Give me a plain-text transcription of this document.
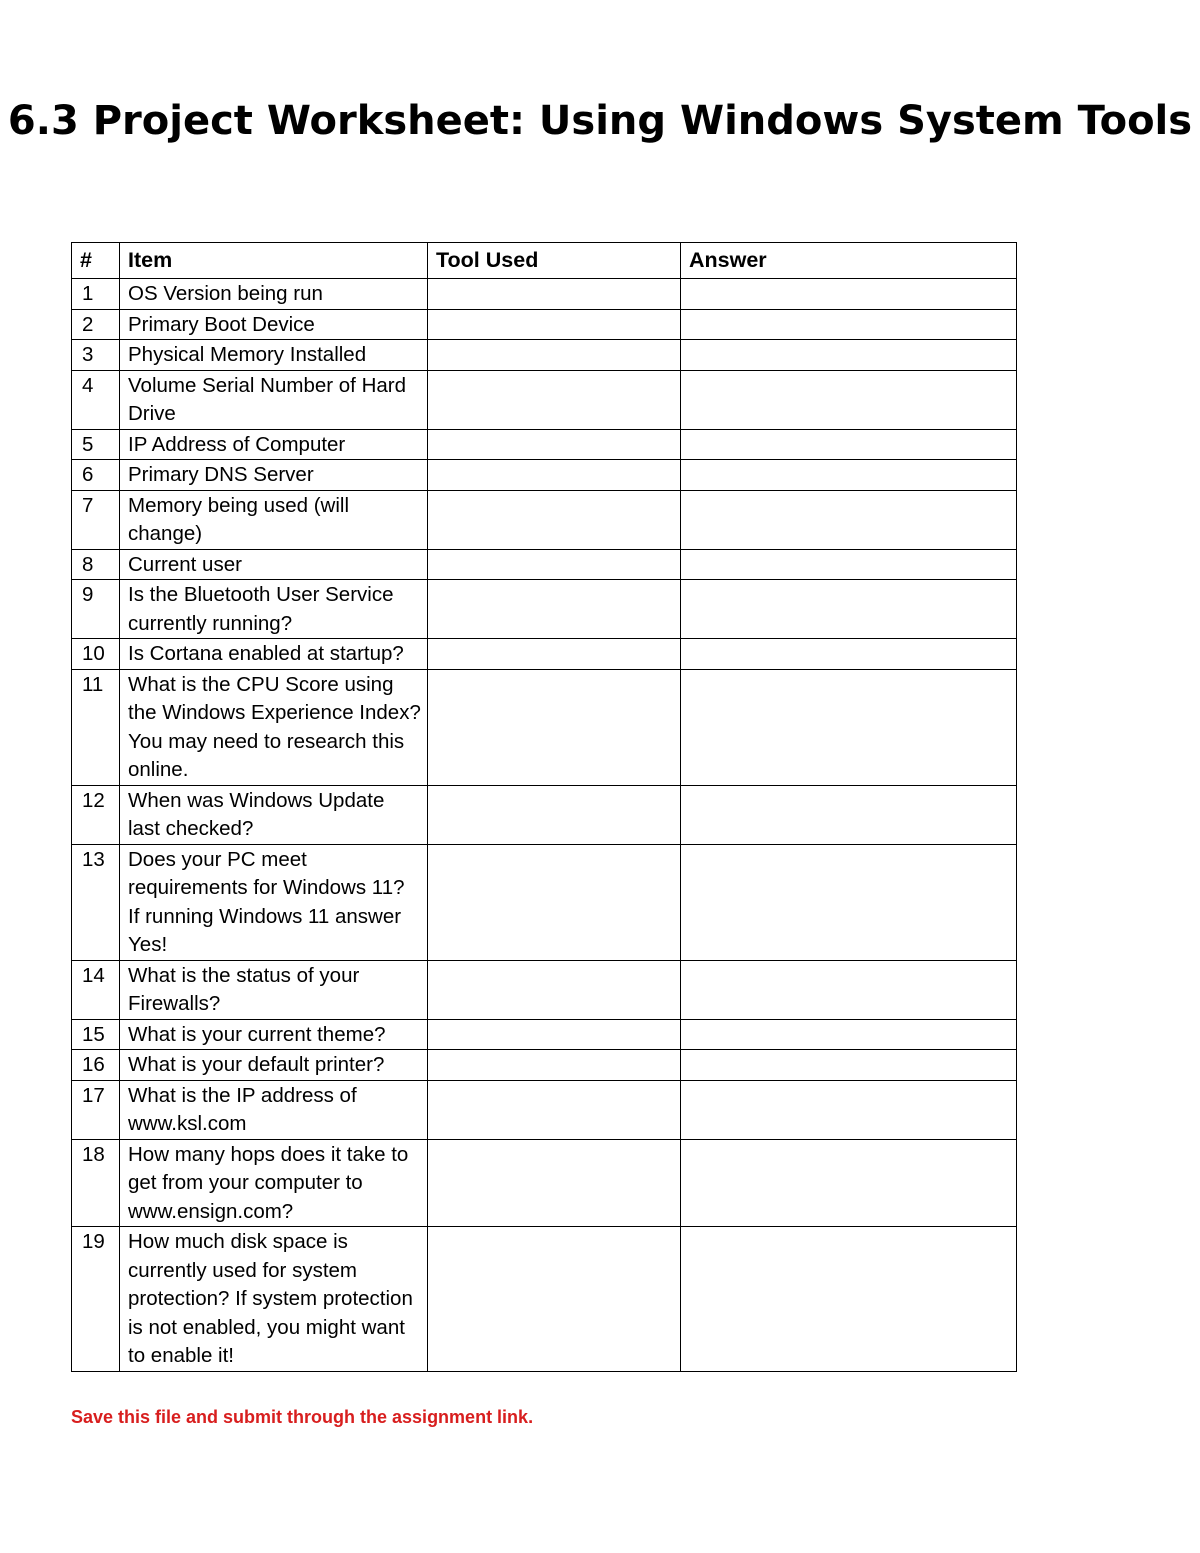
6.3 Project Worksheet: Using Windows System Tools
#	Item	Tool Used	Answer
1	OS Version being run		
2	Primary Boot Device		
3	Physical Memory Installed		
4	Volume Serial Number of Hard Drive		
5	IP Address of Computer		
6	Primary DNS Server		
7	Memory being used (will change)		
8	Current user		
9	Is the Bluetooth User Service currently running?		
10	Is Cortana enabled at startup?		
11	What is the CPU Score using the Windows Experience Index? You may need to research this online.		
12	When was Windows Update last checked?		
13	Does your PC meet requirements for Windows 11? If running Windows 11 answer Yes!		
14	What is the status of your Firewalls?		
15	What is your current theme?		
16	What is your default printer?		
17	What is the IP address of www.ksl.com		
18	How many hops does it take to get from your computer to www.ensign.com?		
19	How much disk space is currently used for system protection? If system protection is not enabled, you might want to enable it!		

Save this file and submit through the assignment link.
